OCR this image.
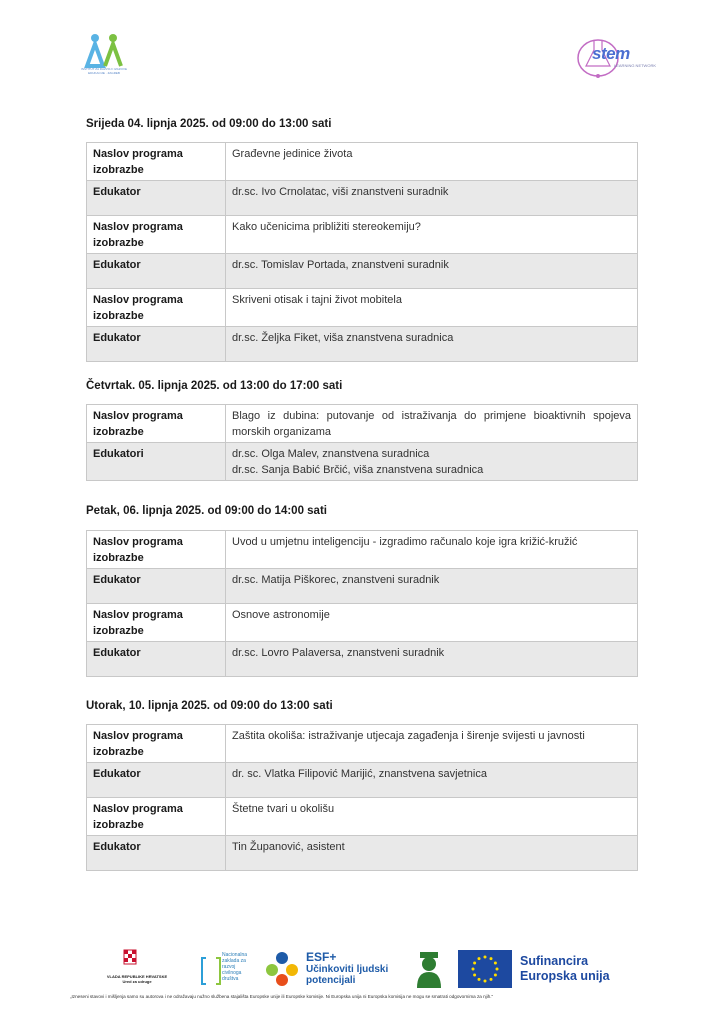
INSTITUT ZA RAZVOJ I IZAZOVE EDUKACIJE · ZAGREB
stem
LEARNING NETWORK
Srijeda 04. lipnja 2025. od 09:00 do 13:00 sati
Naslov programa izobrazbe	Građevne jedinice života

Edukator	dr.sc. Ivo Crnolatac, viši znanstveni suradnik

Naslov programa izobrazbe	Kako učenicima približiti stereokemiju?

Edukator	dr.sc. Tomislav Portada, znanstveni suradnik

Naslov programa izobrazbe	Skriveni otisak i tajni život mobitela

Edukator	dr.sc. Željka Fiket, viša znanstvena suradnica
Četvrtak. 05. lipnja 2025. od 13:00 do 17:00 sati
Naslov programa izobrazbe	Blago iz dubina: putovanje od istraživanja do primjene bioaktivnih spojeva morskih organizama

Edukatori	dr.sc. Olga Malev, znanstvena suradnica
dr.sc. Sanja Babić Brčić, viša znanstvena suradnica
Petak, 06. lipnja 2025. od 09:00 do 14:00 sati
Naslov programa izobrazbe	Uvod u umjetnu inteligenciju - izgradimo računalo koje igra križić-kružić

Edukator	dr.sc. Matija Piškorec, znanstveni suradnik

Naslov programa izobrazbe	Osnove astronomije

Edukator	dr.sc. Lovro Palaversa, znanstveni suradnik
Utorak, 10. lipnja 2025. od 09:00 do 13:00 sati
Naslov programa izobrazbe	Zaštita okoliša: istraživanje utjecaja zagađenja i širenje svijesti u javnosti

Edukator	dr. sc. Vlatka Filipović Marijić, znanstvena savjetnica

Naslov programa izobrazbe	Štetne tvari u okolišu

Edukator	Tin Županović, asistent
VLADA REPUBLIKE HRVATSKE
Ured za udruge
Nacionalna
zaklada za
razvoj
civilnoga
društva
ESF+
Učinkoviti ljudski
potencijali
Sufinancira
Europska unija
„Izneseni stavovi i mišljenja samo su autorova i ne odražavaju nužno službena stajališta Europske unije ili Europske komisije. Ni Europska unija ni Europska komisija ne mogu se smatrati odgovornima za njih."
